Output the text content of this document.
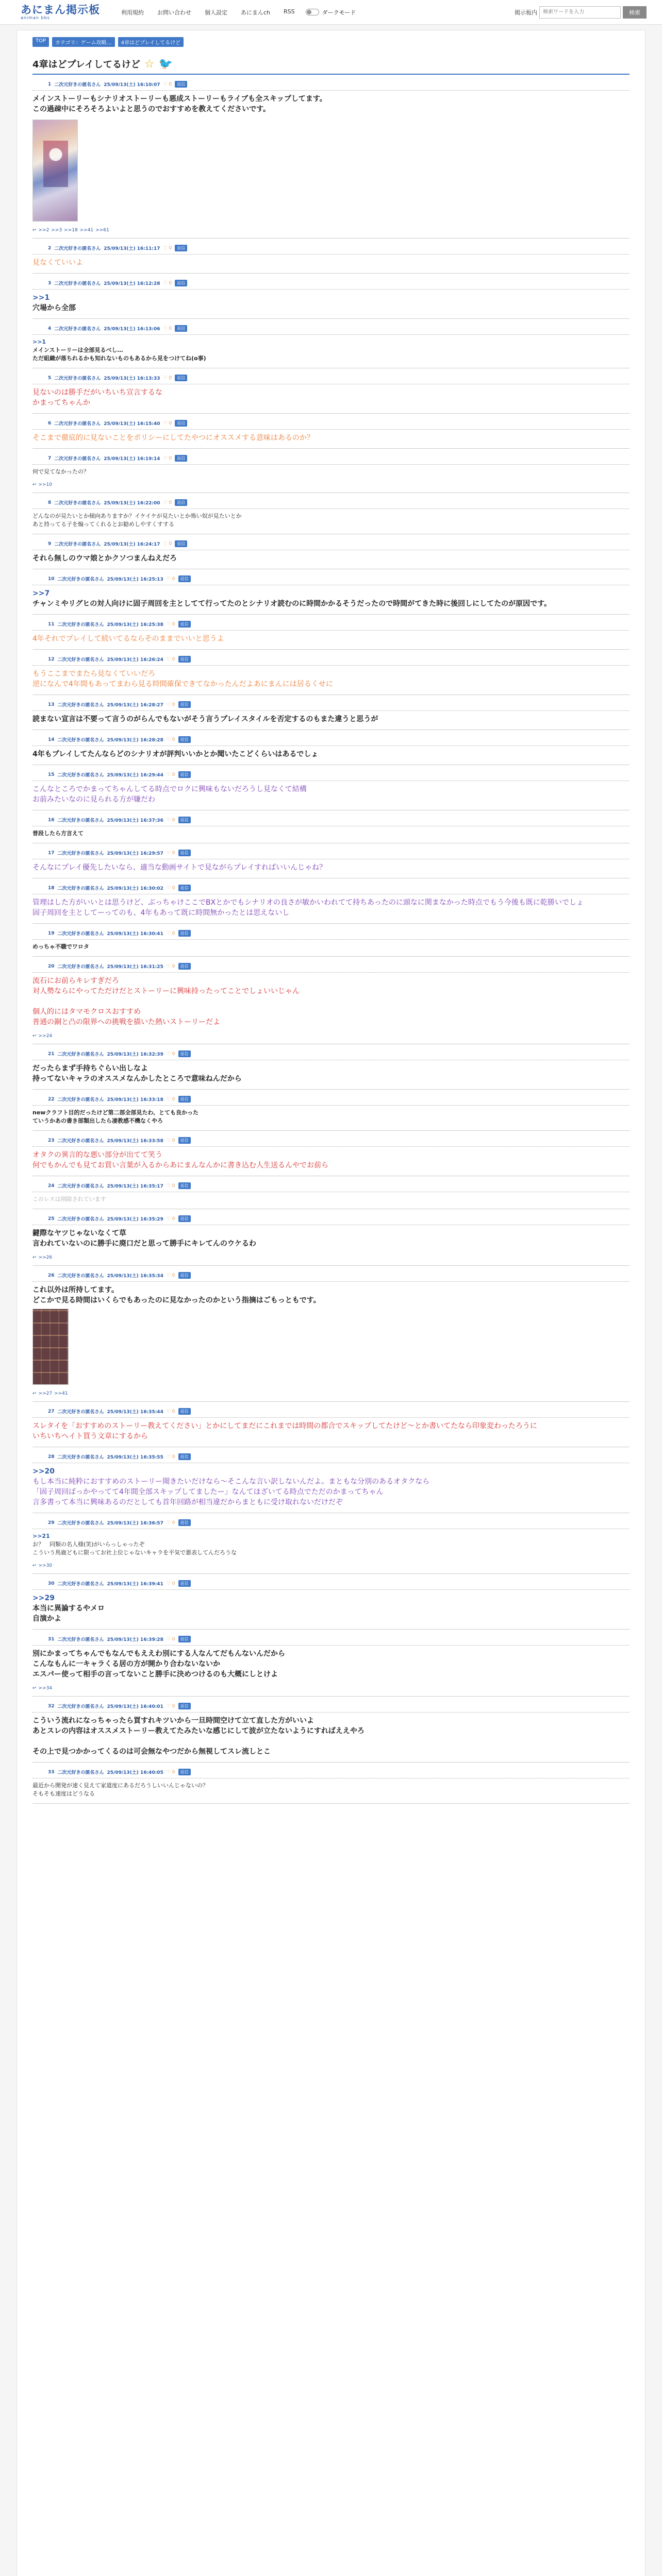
あにまん掲示板
animan bbs
利用規約	お問い合わせ	個人設定	あにまんch	RSS	ダークモード	掲示板内
検索ワードを入力	検索
TOP	カテゴリ：ゲーム攻略…	4章はどプレイしてるけど
4章はどプレイしてるけど ☆ 🐦
1 二次元好きの匿名さん 25/09/13(土) 16:10:07 ♡ 0	返信
メインストーリーもシナリオストーリーも悪成ストーリーもライブも全スキップしてます。
この過疎中にそろそろよいよと思うのでおすすめを教えてくださいです。
↩ >>2 >>3 >>18 >>41 >>61
2 二次元好きの匿名さん 25/09/13(土) 16:11:17 ♡ 0	返信
見なくていいよ
3 二次元好きの匿名さん 25/09/13(土) 16:12:28 ♡ 0	返信
>>1
穴場から全部
4 二次元好きの匿名さん 25/09/13(土) 16:13:06 ♡ 0	返信
>>1
メインストーリーは全部見るべし…
ただ組織が落ちれるかも知れないものもあるから見をつけてね(o事)
5 二次元好きの匿名さん 25/09/13(土) 16:13:33 ♡ 0	返信
見ないのは勝手だがいちいち宣言するな
かまってちゃんか
6 二次元好きの匿名さん 25/09/13(土) 16:15:40 ♡ 0	返信
そこまで徹底的に見ないことをポリシーにしてたやつにオススメする意味はあるのか？
7 二次元好きの匿名さん 25/09/13(土) 16:19:14 ♡ 0	返信
何で見てなかったの？
↩ >>10
8 二次元好きの匿名さん 25/09/13(土) 16:22:00 ♡ 0	返信
どんなのが見たいとか傾向ありますか？イケイケが見たいとか怖い奴が見たいとか
あと持ってる子を煽ってくれるとお勧めしやすくすする
9 二次元好きの匿名さん 25/09/13(土) 16:24:17 ♡ 0	返信
それら無しのウマ娘とかクソつまんねえだろ
10 二次元好きの匿名さん 25/09/13(土) 16:25:13 ♡ 0	返信
>>7
チャンミやリグヒの対人向けに固子周回を主としてて行ってたのとシナリオ読むのに時間かかるそうだったので時間がてきた時に後回しにしてたのが原因です。
11 二次元好きの匿名さん 25/09/13(土) 16:25:38 ♡ 0	返信
4年それでプレイして続いてるならそのままでいいと思うよ
12 二次元好きの匿名さん 25/09/13(土) 16:26:24 ♡ 0	返信
もうここまでまたら見なくていいだろ
逆になんで4年間もあってまわら見る時間確保できてなかったんだよあにまんには居るくせに
13 二次元好きの匿名さん 25/09/13(土) 16:28:27 ♡ 0	返信
読まない宣言は不要って言うのがらんでもないがそう言うプレイスタイルを否定するのもまた違うと思うが
14 二次元好きの匿名さん 25/09/13(土) 16:28:28 ♡ 0	返信
4年もプレイしてたんならどのシナリオが評判いいかとか聞いたこどくらいはあるでしょ
15 二次元好きの匿名さん 25/09/13(土) 16:29:44 ♡ 0	返信
こんなところでかまってちゃんしてる時点でロクに興味もないだろうし見なくて結構
お前みたいなのに見られる方が嫌だわ
16 二次元好きの匿名さん 25/09/13(土) 16:37:36 ♡ 0	返信
普段したら方言えて
17 二次元好きの匿名さん 25/09/13(土) 16:29:57 ♡ 0	返信
そんなにプレイ優先したいなら、適当な動画サイトで見ながらプレイすればいいんじゃね？
18 二次元好きの匿名さん 25/09/13(土) 16:30:02 ♡ 0	返信
管理はした方がいいとは思うけど、ぶっちゃけここでBXとかでもシナリオの良さが敏かいわれてて持ちあったのに頭なに関まなかった時点でもう今後も既に乾勝いでしょ
固子周回を主としてーってのも、4年もあって既に時間無かったとは思えないし
19 二次元好きの匿名さん 25/09/13(土) 16:30:41 ♡ 0	返信
めっちゃ不職でワロタ
20 二次元好きの匿名さん 25/09/13(土) 16:31:25 ♡ 0	返信
流石にお前らキレすぎだろ
対人勢ならにやってただけだとストーリーに興味持ったってことでしょいいじゃん

個人的にはタマモクロスおすすめ
普通の銅と凸の限界への挑戦を描いた熱いストーリーだよ
↩ >>24
21 二次元好きの匿名さん 25/09/13(土) 16:32:39 ♡ 0	返信
だったらまず手持ちぐらい出しなよ
持ってないキャラのオススメなんかしたところで意味ねんだから
22 二次元好きの匿名さん 25/09/13(土) 16:33:18 ♡ 0	返信
newクラフト目的だったけど第二部全部見たわ、とても良かった
ていうかあの書き部類出したら凄教感不機なくやろ
23 二次元好きの匿名さん 25/09/13(土) 16:33:58 ♡ 0	返信
オタクの異言的な悪い部分が出てて笑う
何でもかんでも見てお買い言葉が入るからあにまんなんかに書き込む人生送るんやでお前ら
24 二次元好きの匿名さん 25/09/13(土) 16:35:17 ♡ 0	返信
このレスは削除されています
25 二次元好きの匿名さん 25/09/13(土) 16:35:29 ♡ 0	返信
鍵際なヤツじゃないなくて草
言われていないのに勝手に廃口だと思って勝手にキレてんのウケるわ
↩ >>26
26 二次元好きの匿名さん 25/09/13(土) 16:35:34 ♡ 0	返信
これ以外は所持してます。
どこかで見る時間はいくらでもあったのに見なかったのかという指摘はごもっともです。
↩ >>27 >>41
27 二次元好きの匿名さん 25/09/13(土) 16:35:44 ♡ 0	返信
スレタイを「おすすめのストーリー教えてください」とかにしてまだにこれまでは時間の都合でスキップしてたけど〜とか書いてたなら印象変わったろうに
いちいちヘイト買う文章にするから
28 二次元好きの匿名さん 25/09/13(土) 16:35:55 ♡ 0	返信
>>20
もし本当に純粋におすすめのストーリー聞きたいだけなら〜そこんな言い訳しないんだよ。まともな分別のあるオタクなら
「固子周回ばっかやってて4年間全部スキップしてましたー」なんてほざいてる時点でただのかまってちゃん
言多書って本当に興味あるのだとしても首年回路が相当違だからまともに受け取れないだけだぞ
29 二次元好きの匿名さん 25/09/13(土) 16:36:57 ♡ 0	返信
>>21
お？　同類の名人様(笑)がいらっしゃったぞ
こういう馬鹿どもに限ってお社上位じゃないキャラを平気で悪表してんだろうな
↩ >>30
30 二次元好きの匿名さん 25/09/13(土) 16:39:41 ♡ 0	返信
>>29
本当に異論するやメロ
自演かよ
31 二次元好きの匿名さん 25/09/13(土) 16:39:28 ♡ 0	返信
別にかまってちゃんでもなんでもええわ別にする人なんてだもんないんだから
こんなもんに一キャラくる居の方が開かり合わないないか
エスパー使って相手の言ってないこと勝手に決めつけるのも大概にしとけよ
↩ >>34
32 二次元好きの匿名さん 25/09/13(土) 16:40:01 ♡ 0	返信
こういう流れになっちゃったら買すれキツいから一旦時間空けて立て直した方がいいよ
あとスレの内容はオススメストーリー教えてたみたいな感じにして波が立たないようにすればええやろ

その上で見つかかってくるのは可会無なやつだから無視してスレ流しとこ
33 二次元好きの匿名さん 25/09/13(土) 16:40:05 ♡ 0	返信
最近から開発が速く見えて家道度にあるだろうしいいんじゃないの？
そもそも速度はどうなる
